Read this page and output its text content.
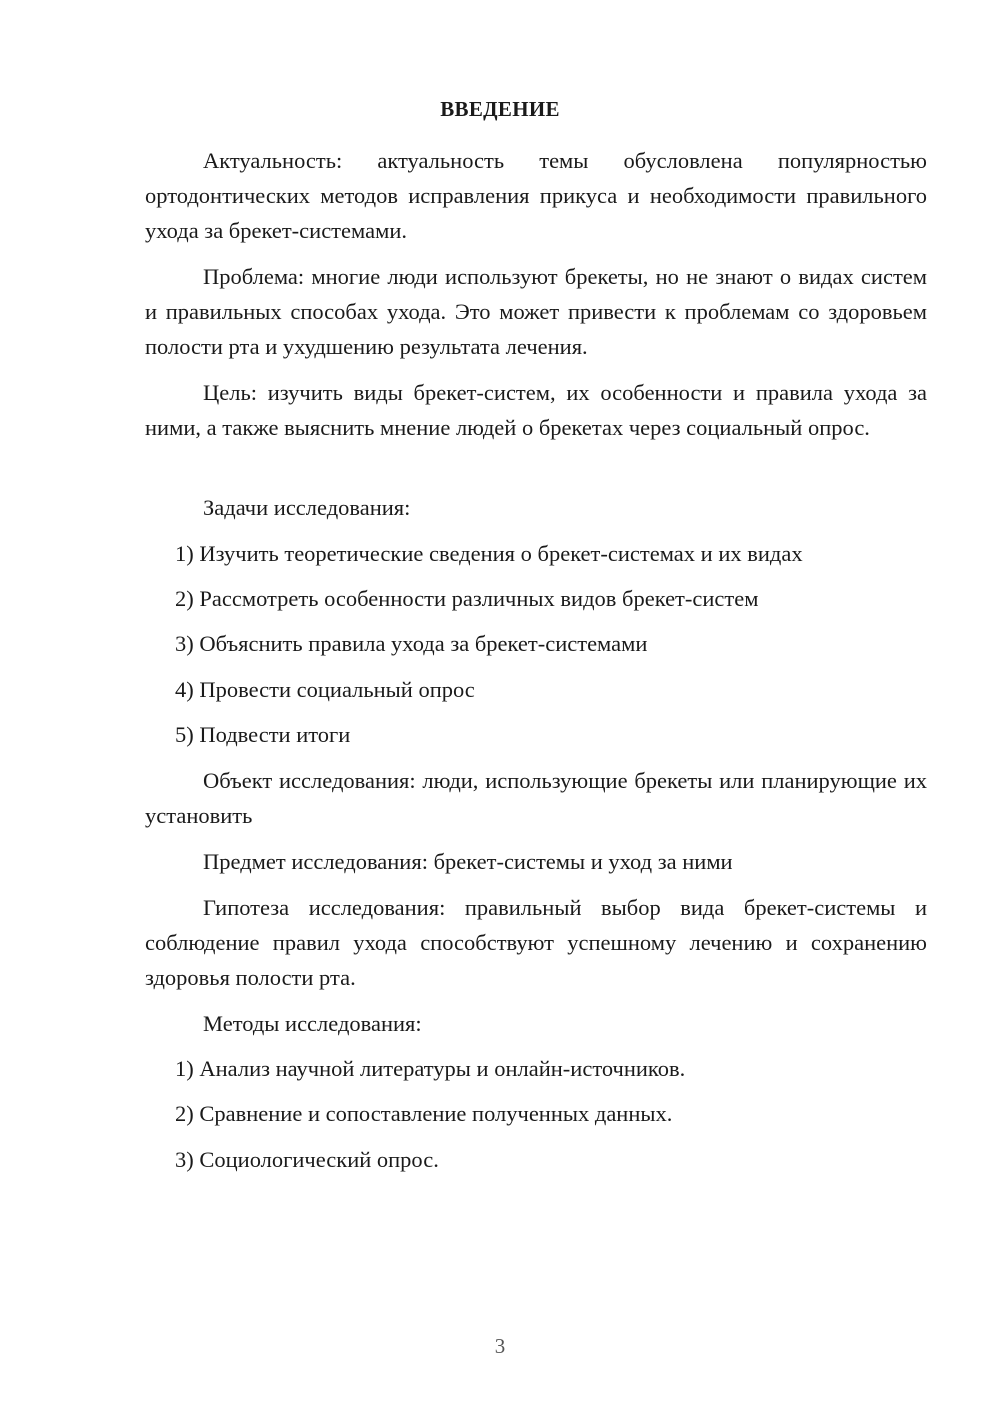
ВВЕДЕНИЕ

Актуальность: актуальность темы обусловлена популярностью ортодонтических методов исправления прикуса и необходимости правильного ухода за брекет-системами.

Проблема: многие люди используют брекеты, но не знают о видах систем и правильных способах ухода. Это может привести к проблемам со здоровьем полости рта и ухудшению результата лечения.

Цель: изучить виды брекет-систем, их особенности и правила ухода за ними, а также выяснить мнение людей о брекетах через социальный опрос.

Задачи исследования:
1) Изучить теоретические сведения о брекет-системах и их видах
2) Рассмотреть особенности различных видов брекет-систем
3) Объяснить правила ухода за брекет-системами
4) Провести социальный опрос
5) Подвести итоги

Объект исследования: люди, использующие брекеты или планирующие их установить

Предмет исследования: брекет-системы и уход за ними

Гипотеза исследования: правильный выбор вида брекет-системы и соблюдение правил ухода способствуют успешному лечению и сохранению здоровья полости рта.

Методы исследования:
1) Анализ научной литературы и онлайн-источников.
2) Сравнение и сопоставление полученных данных.
3) Социологический опрос.
3
